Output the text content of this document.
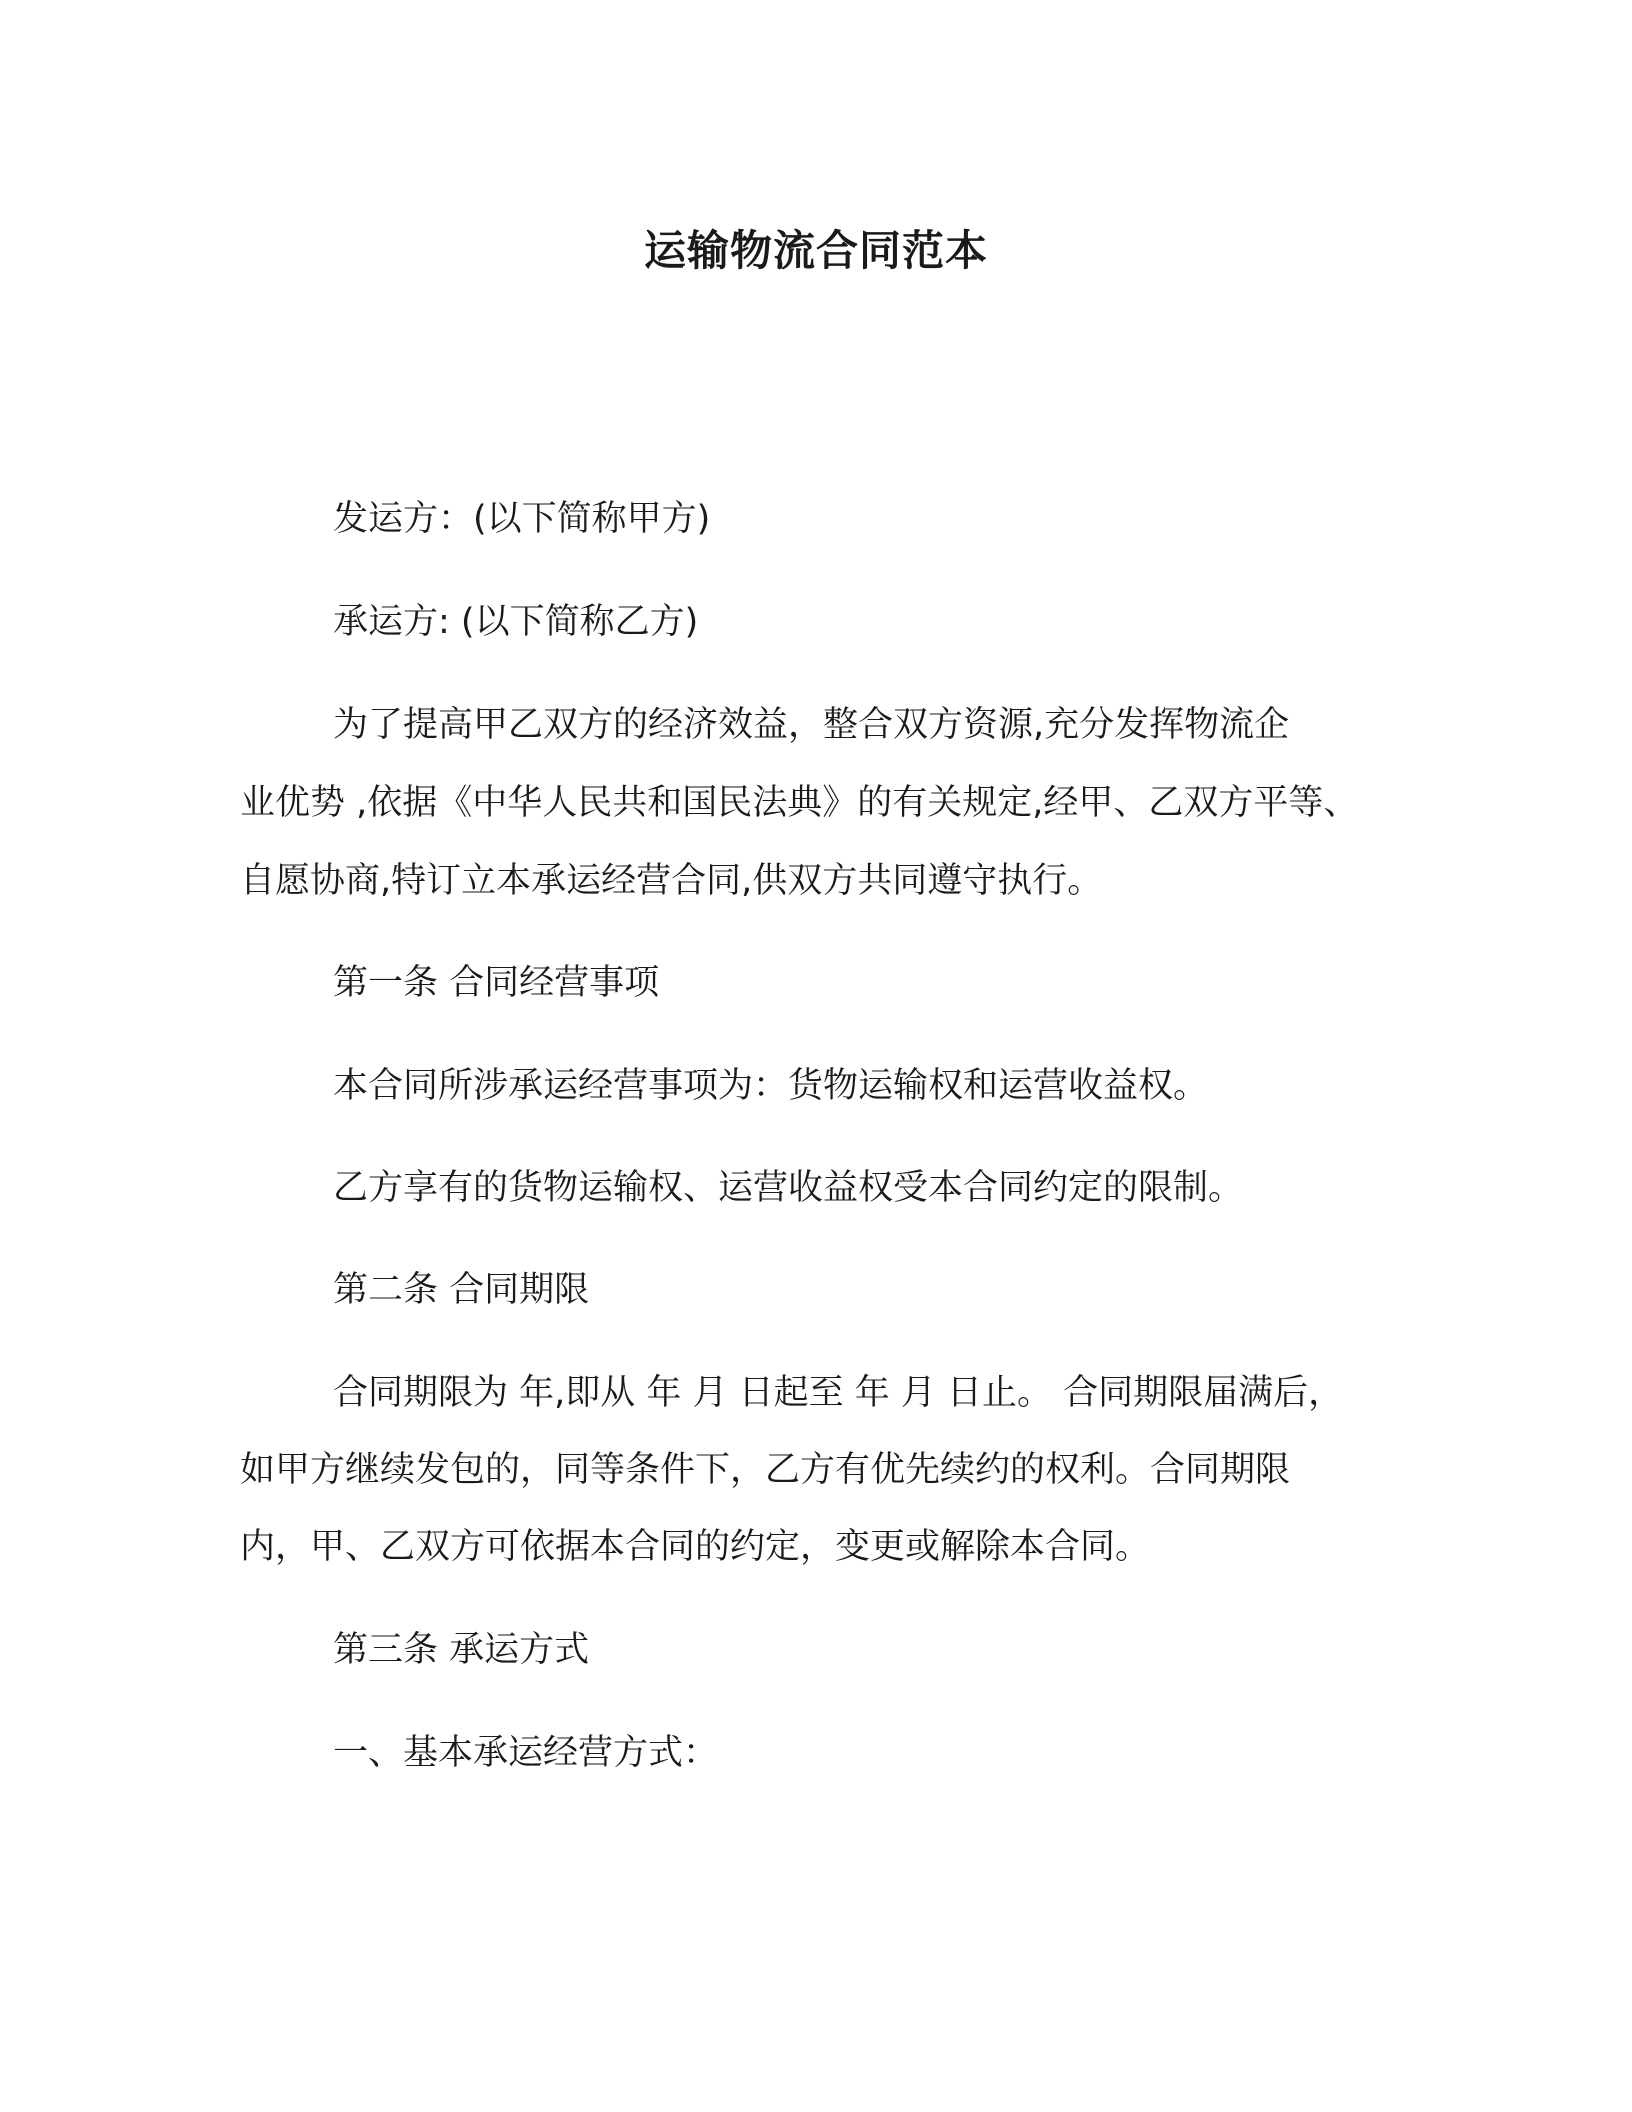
运输物流合同范本

发运方：(以下简称甲方)

承运方: (以下简称乙方)

为了提高甲乙双方的经济效益，整合双方资源,充分发挥物流企

业优势 ,依据《中华人民共和国民法典》的有关规定,经甲、乙双方平等、

自愿协商,特订立本承运经营合同,供双方共同遵守执行。

第一条 合同经营事项

本合同所涉承运经营事项为：货物运输权和运营收益权。

乙方享有的货物运输权、运营收益权受本合同约定的限制。

第二条 合同期限

合同期限为 年,即从 年 月 日起至 年 月 日止。 合同期限届满后，

如甲方继续发包的，同等条件下，乙方有优先续约的权利。合同期限

内，甲、乙双方可依据本合同的约定，变更或解除本合同。

第三条 承运方式

一、基本承运经营方式：
